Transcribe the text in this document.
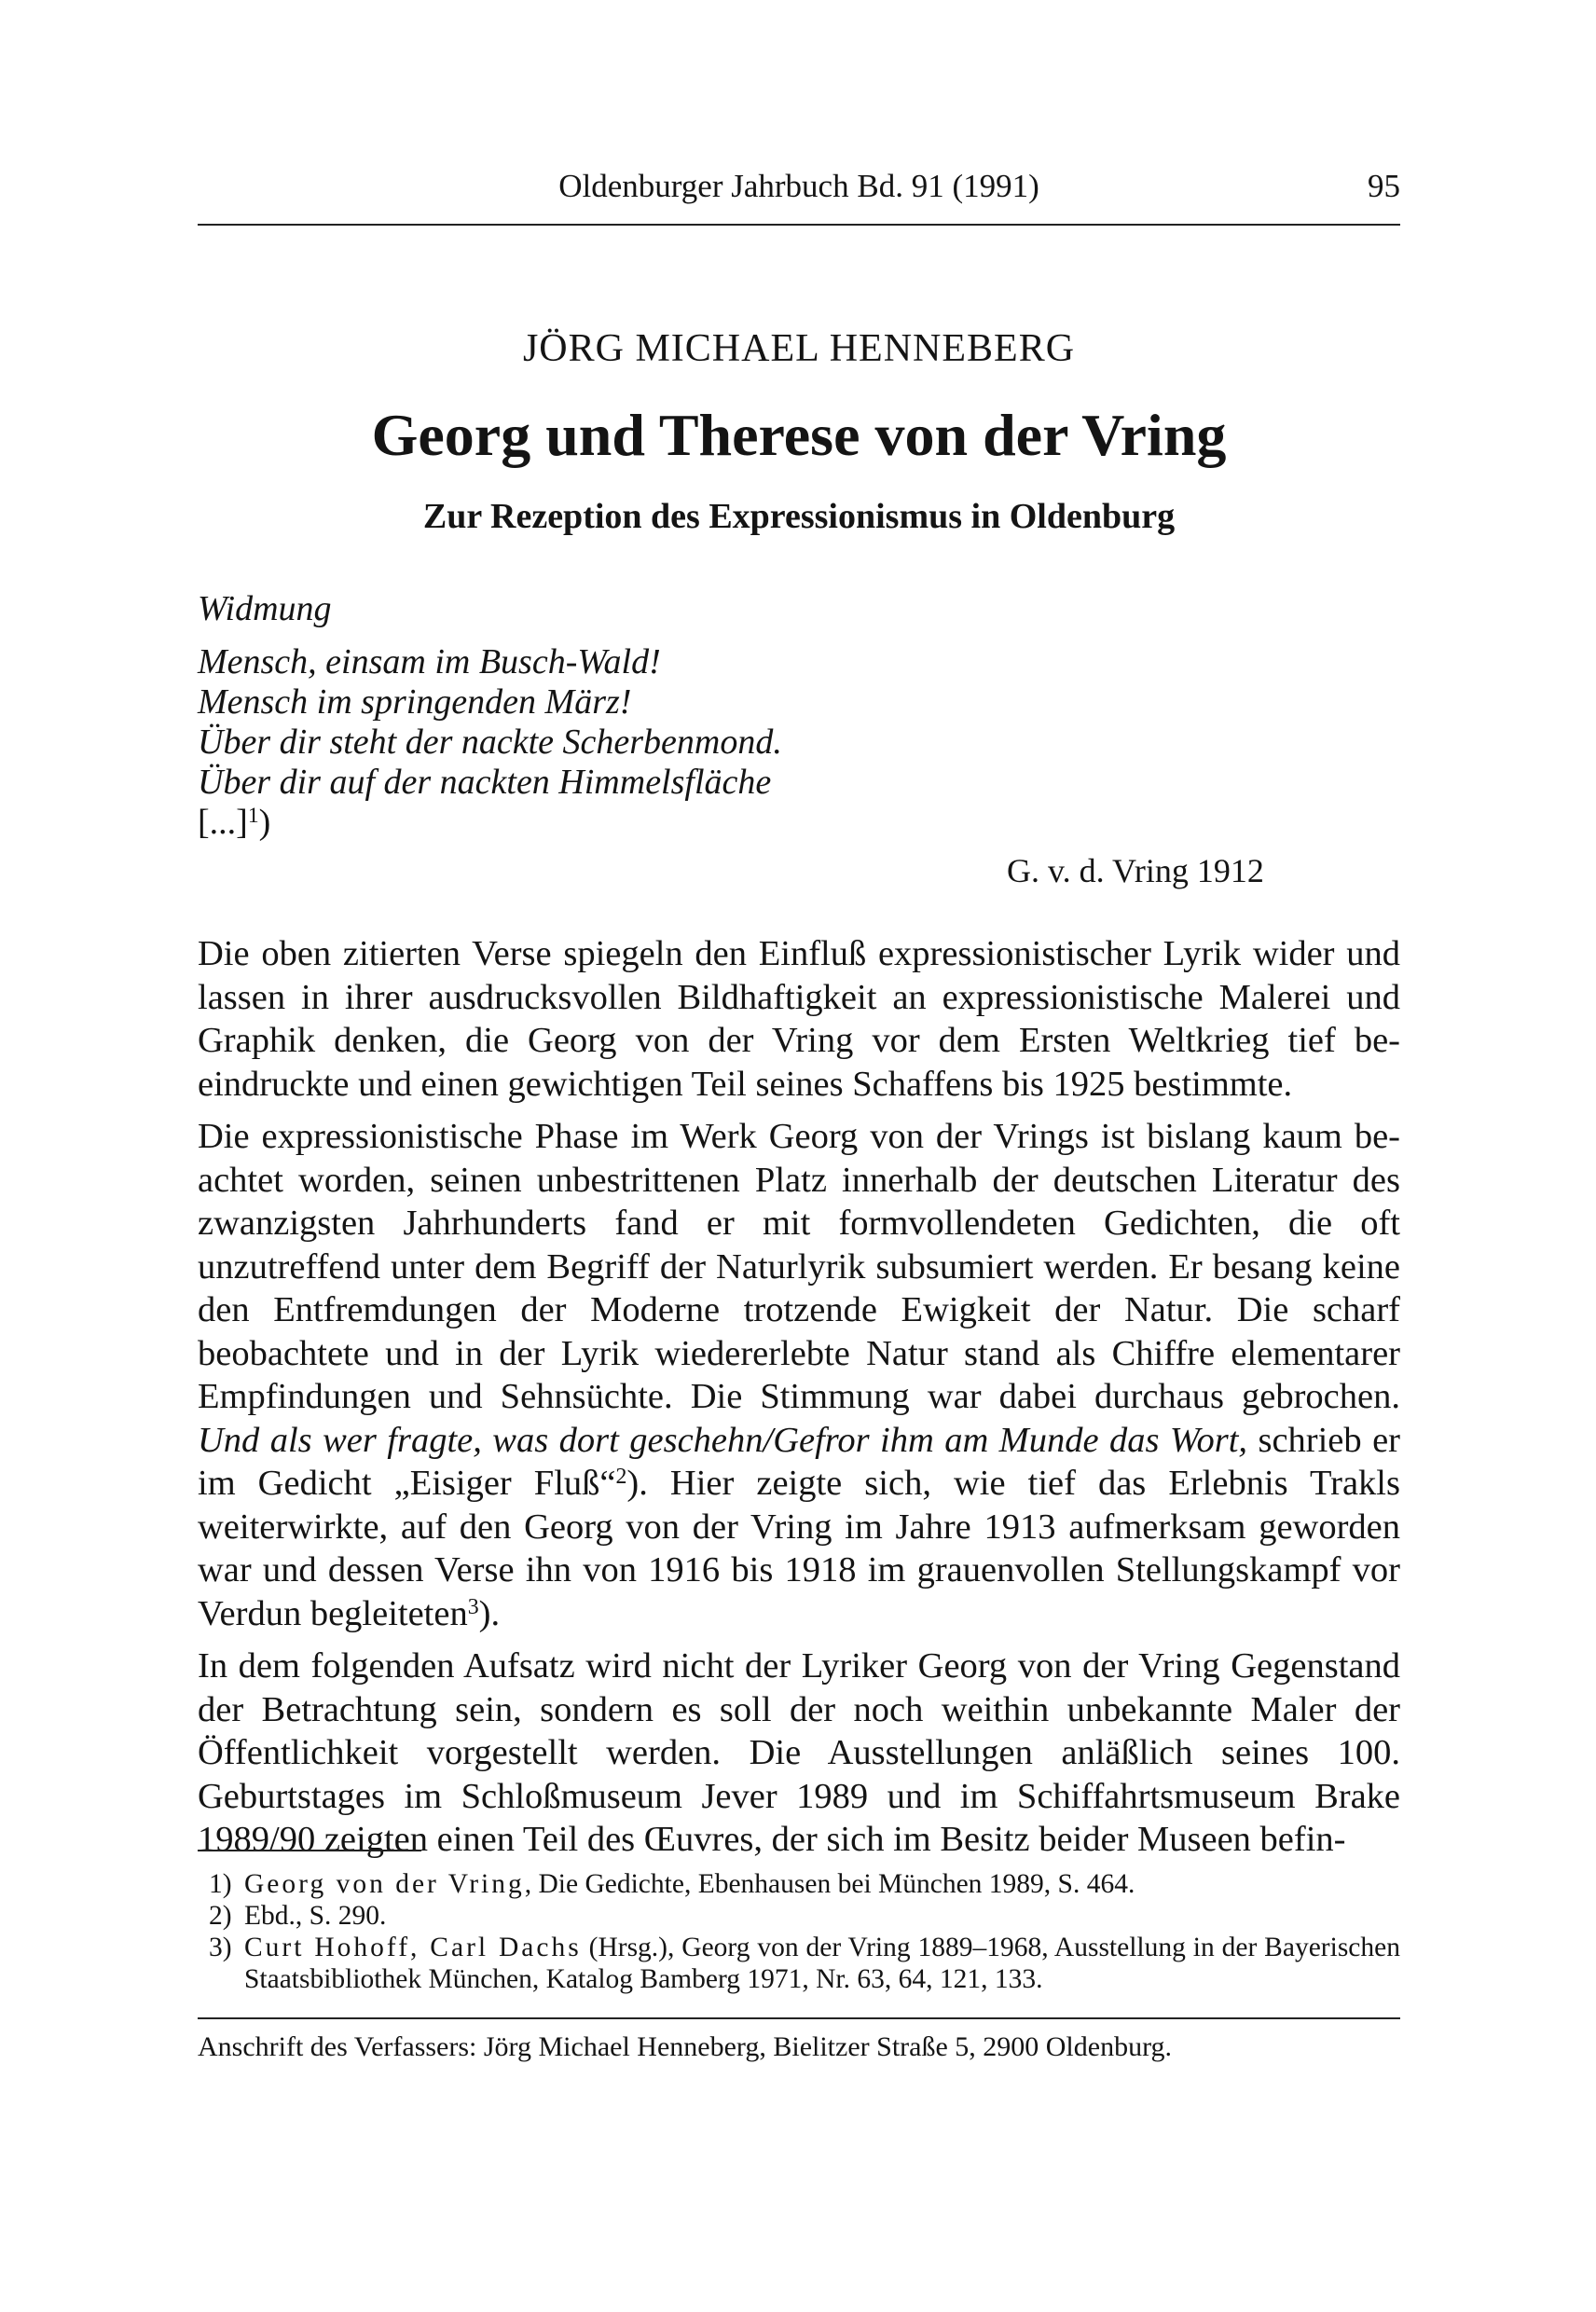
Oldenburger Jahrbuch Bd. 91 (1991)	95
JÖRG MICHAEL HENNEBERG
Georg und Therese von der Vring
Zur Rezeption des Expressionismus in Oldenburg
Widmung
Mensch, einsam im Busch-Wald!
Mensch im springenden März!
Über dir steht der nackte Scherbenmond.
Über dir auf der nackten Himmelsfläche
[...]$^1$)
G. v. d. Vring 1912

Die oben zitierten Verse spiegeln den Einfluß expressionistischer Lyrik wider und lassen in ihrer ausdrucksvollen Bildhaftigkeit an expressionistische Malerei und Graphik denken, die Georg von der Vring vor dem Ersten Weltkrieg tief beeindruckte und einen gewichtigen Teil seines Schaffens bis 1925 bestimmte.

Die expressionistische Phase im Werk Georg von der Vrings ist bislang kaum beachtet worden, seinen unbestrittenen Platz innerhalb der deutschen Literatur des zwanzigsten Jahrhunderts fand er mit formvollendeten Gedichten, die oft unzutreffend unter dem Begriff der Naturlyrik subsumiert werden. Er besang keine den Entfremdungen der Moderne trotzende Ewigkeit der Natur. Die scharf beobachtete und in der Lyrik wiedererlebte Natur stand als Chiffre elementarer Empfindungen und Sehnsüchte. Die Stimmung war dabei durchaus gebrochen. Und als wer fragte, was dort geschehn/Gefror ihm am Munde das Wort, schrieb er im Gedicht „Eisiger Fluß“$^2$). Hier zeigte sich, wie tief das Erlebnis Trakls weiterwirkte, auf den Georg von der Vring im Jahre 1913 aufmerksam geworden war und dessen Verse ihn von 1916 bis 1918 im grauenvollen Stellungskampf vor Verdun begleiteten$^3$).

In dem folgenden Aufsatz wird nicht der Lyriker Georg von der Vring Gegenstand der Betrachtung sein, sondern es soll der noch weithin unbekannte Maler der Öffentlichkeit vorgestellt werden. Die Ausstellungen anläßlich seines 100. Geburtstages im Schloßmuseum Jever 1989 und im Schiffahrtsmuseum Brake 1989/90 zeigten einen Teil des Œuvres, der sich im Besitz beider Museen befin-

1) Georg von der Vring, Die Gedichte, Ebenhausen bei München 1989, S. 464.
2) Ebd., S. 290.
3) Curt Hohoff, Carl Dachs (Hrsg.), Georg von der Vring 1889–1968, Ausstellung in der Bayerischen Staatsbibliothek München, Katalog Bamberg 1971, Nr. 63, 64, 121, 133.
Anschrift des Verfassers: Jörg Michael Henneberg, Bielitzer Straße 5, 2900 Oldenburg.
